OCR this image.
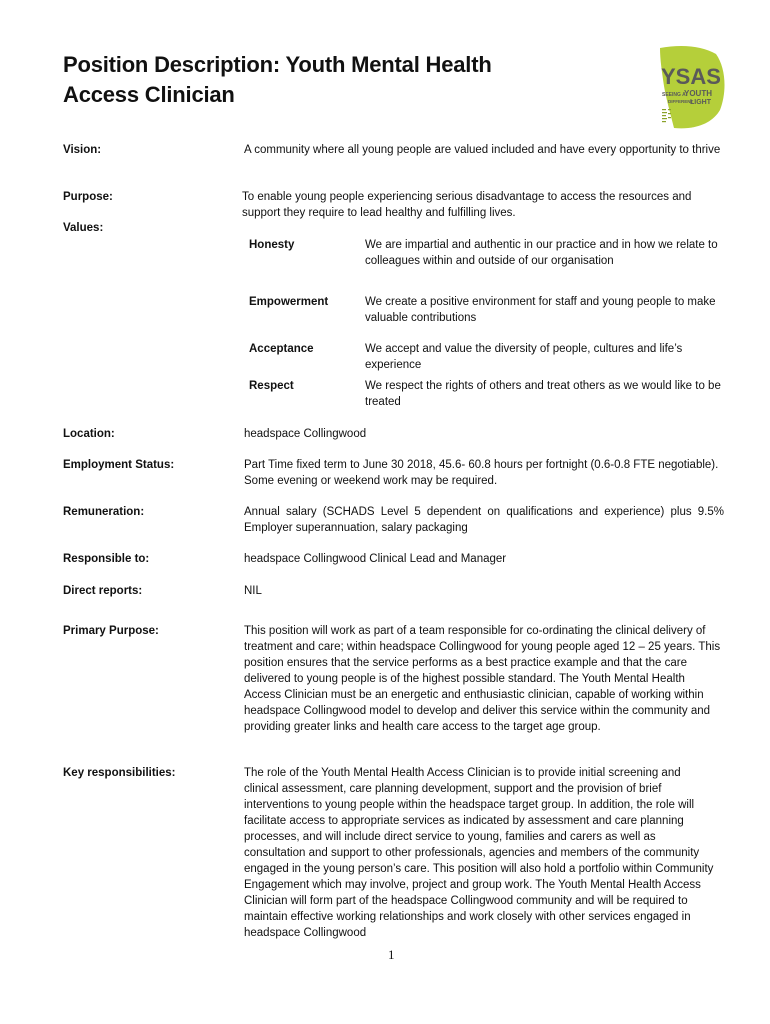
Position Description: Youth Mental Health
Access Clinician
YSAS
SEEING A
YOUTH
DIFFERENT
LIGHT
Vision:	A community where all young people are valued included and have every opportunity to thrive
Purpose:	To enable young people experiencing serious disadvantage to access the resources and support they require to lead healthy and fulfilling lives.
Values:
Honesty	We are impartial and authentic in our practice and in how we relate to colleagues within and outside of our organisation
Empowerment	We create a positive environment for staff and young people to make valuable contributions
Acceptance	We accept and value the diversity of people, cultures and life’s experience
Respect	We respect the rights of others and treat others as we would like to be treated
Location:	headspace Collingwood
Employment Status:	Part Time fixed term to June 30 2018, 45.6- 60.8 hours per fortnight (0.6-0.8 FTE negotiable). Some evening or weekend work may be required.
Remuneration:	Annual salary (SCHADS Level 5 dependent on qualifications and experience) plus 9.5% Employer superannuation, salary packaging
Responsible to:	headspace Collingwood Clinical Lead and Manager
Direct reports:	NIL
Primary Purpose:	This position will work as part of a team responsible for co-ordinating the clinical delivery of treatment and care; within headspace Collingwood for young people aged 12 – 25 years. This position ensures that the service performs as a best practice example and that the care delivered to young people is of the highest possible standard. The Youth Mental Health Access Clinician must be an energetic and enthusiastic clinician, capable of working within headspace Collingwood model to develop and deliver this service within the community and providing greater links and health care access to the target age group.
Key responsibilities:	The role of the Youth Mental Health Access Clinician is to provide initial screening and clinical assessment, care planning development, support and the provision of brief interventions to young people within the headspace target group. In addition, the role will facilitate access to appropriate services as indicated by assessment and care planning processes, and will include direct service to young, families and carers as well as consultation and support to other professionals, agencies and members of the community engaged in the young person’s care. This position will also hold a portfolio within Community Engagement which may involve, project and group work. The Youth Mental Health Access Clinician will form part of the headspace Collingwood community and will be required to maintain effective working relationships and work closely with other services engaged in headspace Collingwood
1
